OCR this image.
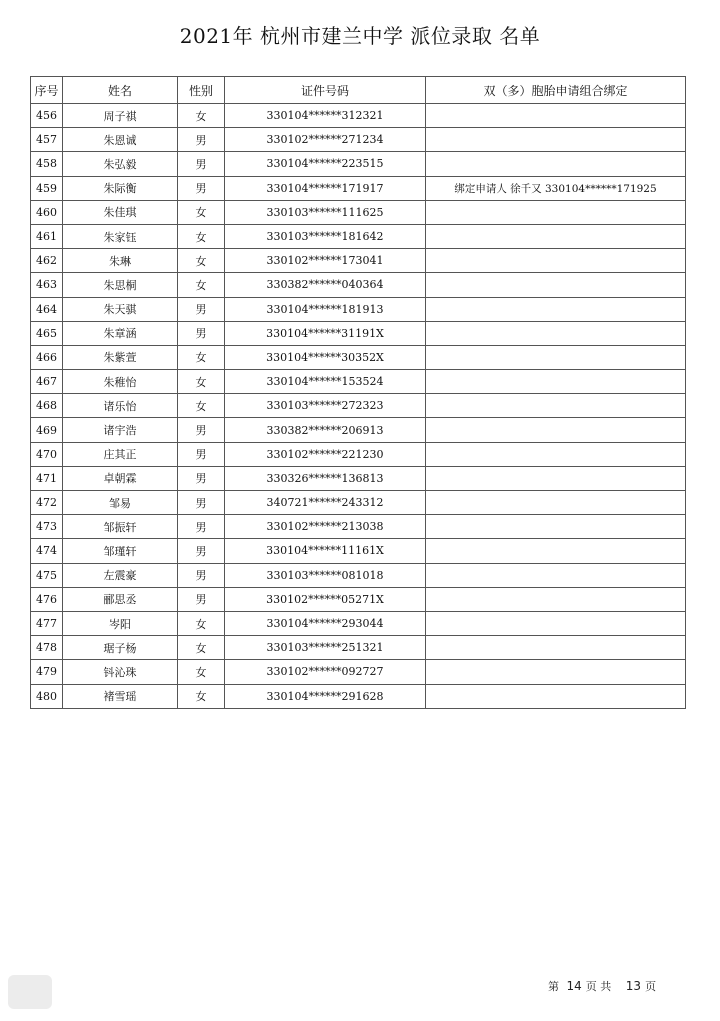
2021年 杭州市建兰中学 派位录取 名单
序号	姓名	性别	证件号码	双（多）胞胎申请组合绑定
456	周子祺	女	330104******312321	
457	朱恩诚	男	330102******271234	
458	朱弘毅	男	330104******223515	
459	朱际衡	男	330104******171917	绑定申请人 徐千又 330104******171925
460	朱佳琪	女	330103******111625	
461	朱家钰	女	330103******181642	
462	朱琳	女	330102******173041	
463	朱思桐	女	330382******040364	
464	朱天骐	男	330104******181913	
465	朱章涵	男	330104******31191X	
466	朱紫萱	女	330104******30352X	
467	朱稚怡	女	330104******153524	
468	诸乐怡	女	330103******272323	
469	诸宇浩	男	330382******206913	
470	庄其正	男	330102******221230	
471	卓朝霖	男	330326******136813	
472	邹易	男	340721******243312	
473	邹振轩	男	330102******213038	
474	邹瑾轩	男	330104******11161X	
475	左震豪	男	330103******081018	
476	郦思丞	男	330102******05271X	
477	岑阳	女	330104******293044	
478	琚子杨	女	330103******251321	
479	钭沁珠	女	330102******092727	
480	褚雪瑶	女	330104******291628	
第 14 页 共 13 页
